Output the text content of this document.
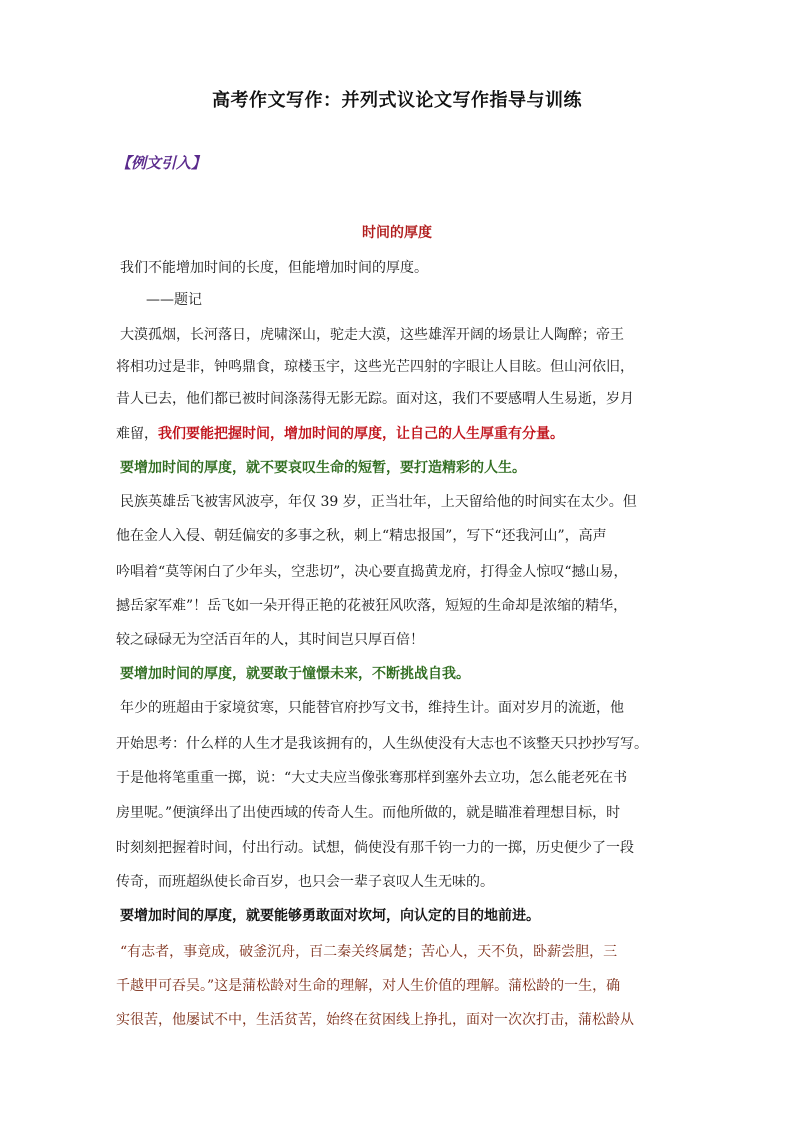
高考作文写作：并列式议论文写作指导与训练
【例文引入】
时间的厚度
我们不能增加时间的长度，但能增加时间的厚度。
——题记
大漠孤烟，长河落日，虎啸深山，驼走大漠，这些雄浑开阔的场景让人陶醉；帝王
将相功过是非，钟鸣鼎食，琼楼玉宇，这些光芒四射的字眼让人目眩。但山河依旧，
昔人已去，他们都已被时间涤荡得无影无踪。面对这，我们不要感喟人生易逝，岁月
难留，我们要能把握时间，增加时间的厚度，让自己的人生厚重有分量。
要增加时间的厚度，就不要哀叹生命的短暂，要打造精彩的人生。
民族英雄岳飞被害风波亭，年仅 39 岁，正当壮年，上天留给他的时间实在太少。但
他在金人入侵、朝廷偏安的多事之秋，刺上“精忠报国”，写下“还我河山”，高声
吟唱着“莫等闲白了少年头，空悲切”，决心要直捣黄龙府，打得金人惊叹“撼山易，
撼岳家军难”！岳飞如一朵开得正艳的花被狂风吹落，短短的生命却是浓缩的精华，
较之碌碌无为空活百年的人，其时间岂只厚百倍！
要增加时间的厚度，就要敢于憧憬未来，不断挑战自我。
年少的班超由于家境贫寒，只能替官府抄写文书，维持生计。面对岁月的流逝，他
开始思考：什么样的人生才是我该拥有的，人生纵使没有大志也不该整天只抄抄写写。
于是他将笔重重一掷，说：“大丈夫应当像张骞那样到塞外去立功，怎么能老死在书
房里呢。”便演绎出了出使西域的传奇人生。而他所做的，就是瞄准着理想目标，时
时刻刻把握着时间，付出行动。试想，倘使没有那千钧一力的一掷，历史便少了一段
传奇，而班超纵使长命百岁，也只会一辈子哀叹人生无味的。
要增加时间的厚度，就要能够勇敢面对坎坷，向认定的目的地前进。
“有志者，事竟成，破釜沉舟，百二秦关终属楚；苦心人，天不负，卧薪尝胆，三
千越甲可吞吴。”这是蒲松龄对生命的理解，对人生价值的理解。蒲松龄的一生，确
实很苦，他屡试不中，生活贫苦，始终在贫困线上挣扎，面对一次次打击，蒲松龄从
